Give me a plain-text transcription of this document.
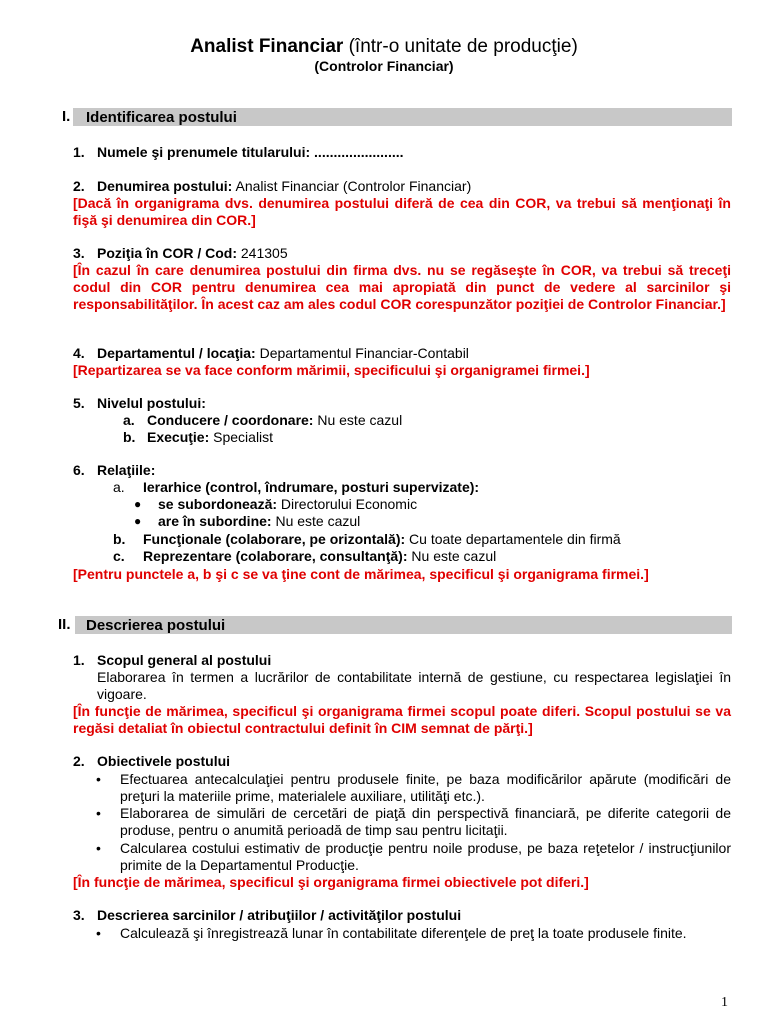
Analist Financiar (într-o unitate de producţie)
(Controlor Financiar)
I. Identificarea postului
1. Numele şi prenumele titularului: .......................
2. Denumirea postului: Analist Financiar (Controlor Financiar)
[Dacă în organigrama dvs. denumirea postului diferă de cea din COR, va trebui să menţionaţi în fişă şi denumirea din COR.]
3. Poziţia în COR / Cod: 241305
[În cazul în care denumirea postului din firma dvs. nu se regăseşte în COR, va trebui să treceţi codul din COR pentru denumirea cea mai apropiată din punct de vedere al sarcinilor şi responsabilităţilor. În acest caz am ales codul COR corespunzător poziţiei de Controlor Financiar.]
4. Departamentul / locaţia: Departamentul Financiar-Contabil
[Repartizarea se va face conform mărimii, specificului şi organigramei firmei.]
5. Nivelul postului:
a. Conducere / coordonare: Nu este cazul
b. Execuţie: Specialist
6. Relaţiile:
a. Ierarhice (control, îndrumare, posturi supervizate):
● se subordonează: Directorului Economic
● are în subordine: Nu este cazul
b. Funcţionale (colaborare, pe orizontală): Cu toate departamentele din firmă
c. Reprezentare (colaborare, consultanţă): Nu este cazul
[Pentru punctele a, b şi c se va ţine cont de mărimea, specificul şi organigrama firmei.]
II. Descrierea postului
1. Scopul general al postului
Elaborarea în termen a lucrărilor de contabilitate internă de gestiune, cu respectarea legislaţiei în vigoare.
[În funcţie de mărimea, specificul şi organigrama firmei scopul poate diferi. Scopul postului se va regăsi detaliat în obiectul contractului definit în CIM semnat de părţi.]
2. Obiectivele postului
• Efectuarea antecalculaţiei pentru produsele finite, pe baza modificărilor apărute (modificări de preţuri la materiile prime, materialele auxiliare, utilităţi etc.).
• Elaborarea de simulări de cercetări de piaţă din perspectivă financiară, pe diferite categorii de produse, pentru o anumită perioadă de timp sau pentru licitaţii.
• Calcularea costului estimativ de producţie pentru noile produse, pe baza reţetelor / instrucţiunilor primite de la Departamentul Producţie.
[În funcţie de mărimea, specificul şi organigrama firmei obiectivele pot diferi.]
3. Descrierea sarcinilor / atribuţiilor / activităţilor postului
• Calculează şi înregistrează lunar în contabilitate diferenţele de preţ la toate produsele finite.
1
